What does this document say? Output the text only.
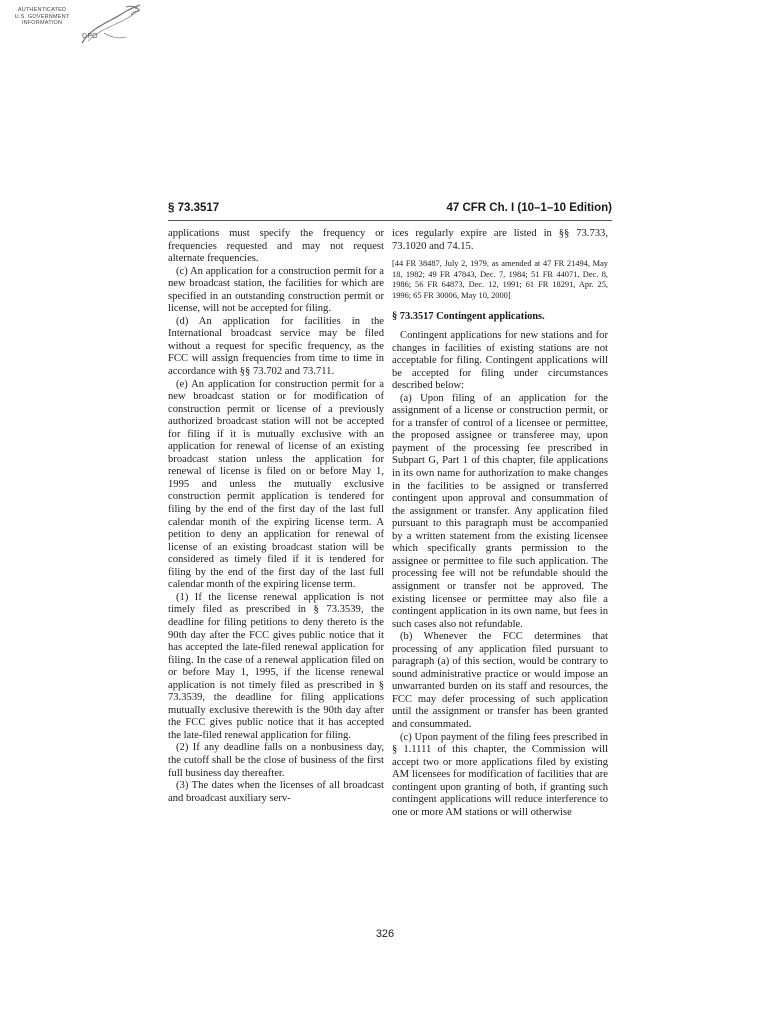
AUTHENTICATED
U.S. GOVERNMENT
INFORMATION
GPO
§ 73.3517	47 CFR Ch. I (10–1–10 Edition)

applications must specify the frequency or frequencies requested and may not request alternate frequencies.

(c) An application for a construction permit for a new broadcast station, the facilities for which are specified in an outstanding construction permit or license, will not be accepted for filing.

(d) An application for facilities in the International broadcast service may be filed without a request for specific frequency, as the FCC will assign frequencies from time to time in accordance with §§ 73.702 and 73.711.

(e) An application for construction permit for a new broadcast station or for modification of construction permit or license of a previously authorized broadcast station will not be accepted for filing if it is mutually exclusive with an application for renewal of license of an existing broadcast station unless the application for renewal of license is filed on or before May 1, 1995 and unless the mutually exclusive construction permit application is tendered for filing by the end of the first day of the last full calendar month of the expiring license term. A petition to deny an application for renewal of license of an existing broadcast station will be considered as timely filed if it is tendered for filing by the end of the first day of the last full calendar month of the expiring license term.

(1) If the license renewal application is not timely filed as prescribed in § 73.3539, the deadline for filing petitions to deny thereto is the 90th day after the FCC gives public notice that it has accepted the late-filed renewal application for filing. In the case of a renewal application filed on or before May 1, 1995, if the license renewal application is not timely filed as prescribed in § 73.3539, the deadline for filing applications mutually exclusive therewith is the 90th day after the FCC gives public notice that it has accepted the late-filed renewal application for filing.

(2) If any deadline falls on a nonbusiness day, the cutoff shall be the close of business of the first full business day thereafter.

(3) The dates when the licenses of all broadcast and broadcast auxiliary serv-

ices regularly expire are listed in §§ 73.733, 73.1020 and 74.15.

[44 FR 38487, July 2, 1979, as amended at 47 FR 21494, May 18, 1982; 49 FR 47843, Dec. 7, 1984; 51 FR 44071, Dec. 8, 1986; 56 FR 64873, Dec. 12, 1991; 61 FR 18291, Apr. 25, 1996; 65 FR 30006, May 10, 2000]

§ 73.3517 Contingent applications.

Contingent applications for new stations and for changes in facilities of existing stations are not acceptable for filing. Contingent applications will be accepted for filing under circumstances described below:

(a) Upon filing of an application for the assignment of a license or construction permit, or for a transfer of control of a licensee or permittee, the proposed assignee or transferee may, upon payment of the processing fee prescribed in Subpart G, Part 1 of this chapter, file applications in its own name for authorization to make changes in the facilities to be assigned or transferred contingent upon approval and consummation of the assignment or transfer. Any application filed pursuant to this paragraph must be accompanied by a written statement from the existing licensee which specifically grants permission to the assignee or permittee to file such application. The processing fee will not be refundable should the assignment or transfer not be approved. The existing licensee or permittee may also file a contingent application in its own name, but fees in such cases also not refundable.

(b) Whenever the FCC determines that processing of any application filed pursuant to paragraph (a) of this section, would be contrary to sound administrative practice or would impose an unwarranted burden on its staff and resources, the FCC may defer processing of such application until the assignment or transfer has been granted and consummated.

(c) Upon payment of the filing fees prescribed in § 1.1111 of this chapter, the Commission will accept two or more applications filed by existing AM licensees for modification of facilities that are contingent upon granting of both, if granting such contingent applications will reduce interference to one or more AM stations or will otherwise

326
